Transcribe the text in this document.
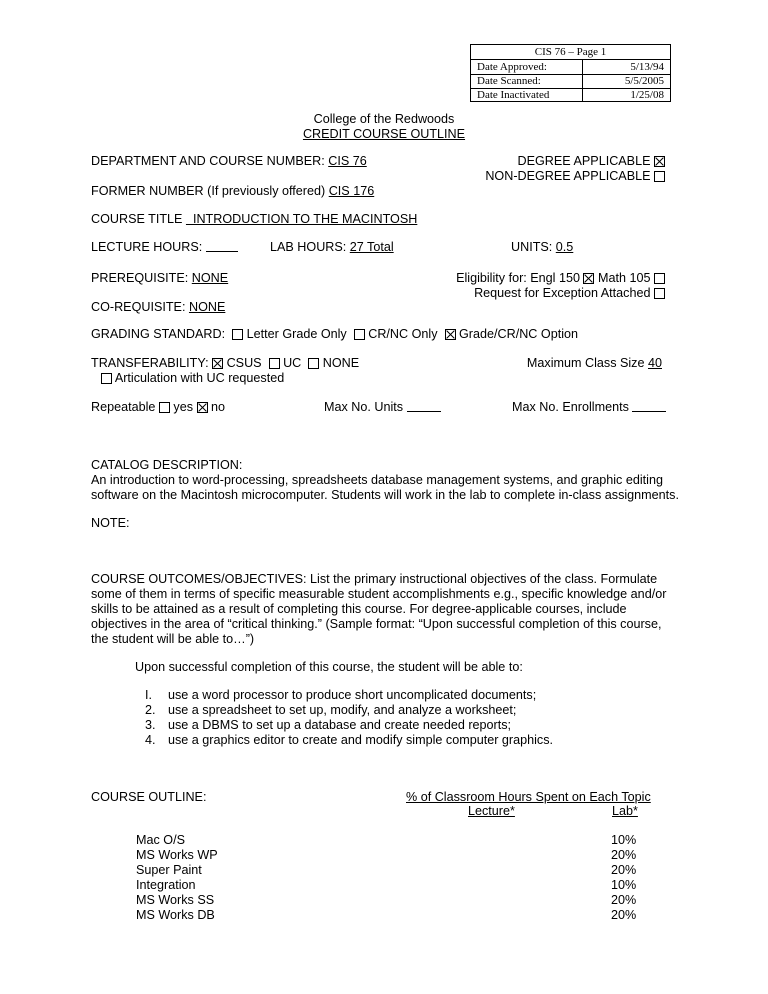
CIS 76 – Page 1
Date Approved:	5/13/94
Date Scanned:	5/5/2005
Date Inactivated	1/25/08
College of the Redwoods
CREDIT COURSE OUTLINE
DEPARTMENT AND COURSE NUMBER: CIS 76	DEGREE APPLICABLE
NON-DEGREE APPLICABLE
FORMER NUMBER (If previously offered) CIS 176
COURSE TITLE   INTRODUCTION TO THE MACINTOSH
LECTURE HOURS:	LAB HOURS: 27 Total	UNITS: 0.5
PREREQUISITE: NONE	Eligibility for: Engl 150 Math 105
Request for Exception Attached
CO-REQUISITE: NONE
GRADING STANDARD: Letter Grade Only CR/NC Only Grade/CR/NC Option
TRANSFERABILITY: CSUS UC NONE
Articulation with UC requested
Maximum Class Size 40
Repeatable yes no	Max No. Units	Max No. Enrollments
CATALOG DESCRIPTION:
An introduction to word-processing, spreadsheets database management systems, and graphic editing
software on the Macintosh microcomputer. Students will work in the lab to complete in-class assignments.
NOTE:
COURSE OUTCOMES/OBJECTIVES: List the primary instructional objectives of the class. Formulate
some of them in terms of specific measurable student accomplishments e.g., specific knowledge and/or
skills to be attained as a result of completing this course. For degree-applicable courses, include
objectives in the area of “critical thinking.” (Sample format: “Upon successful completion of this course,
the student will be able to…”)
Upon successful completion of this course, the student will be able to:
I. use a word processor to produce short uncomplicated documents;
2. use a spreadsheet to set up, modify, and analyze a worksheet;
3. use a DBMS to set up a database and create needed reports;
4. use a graphics editor to create and modify simple computer graphics.
COURSE OUTLINE:	% of Classroom Hours Spent on Each Topic
Lecture*	Lab*
Mac O/S	10%
MS Works WP	20%
Super Paint	20%
Integration	10%
MS Works SS	20%
MS Works DB	20%
